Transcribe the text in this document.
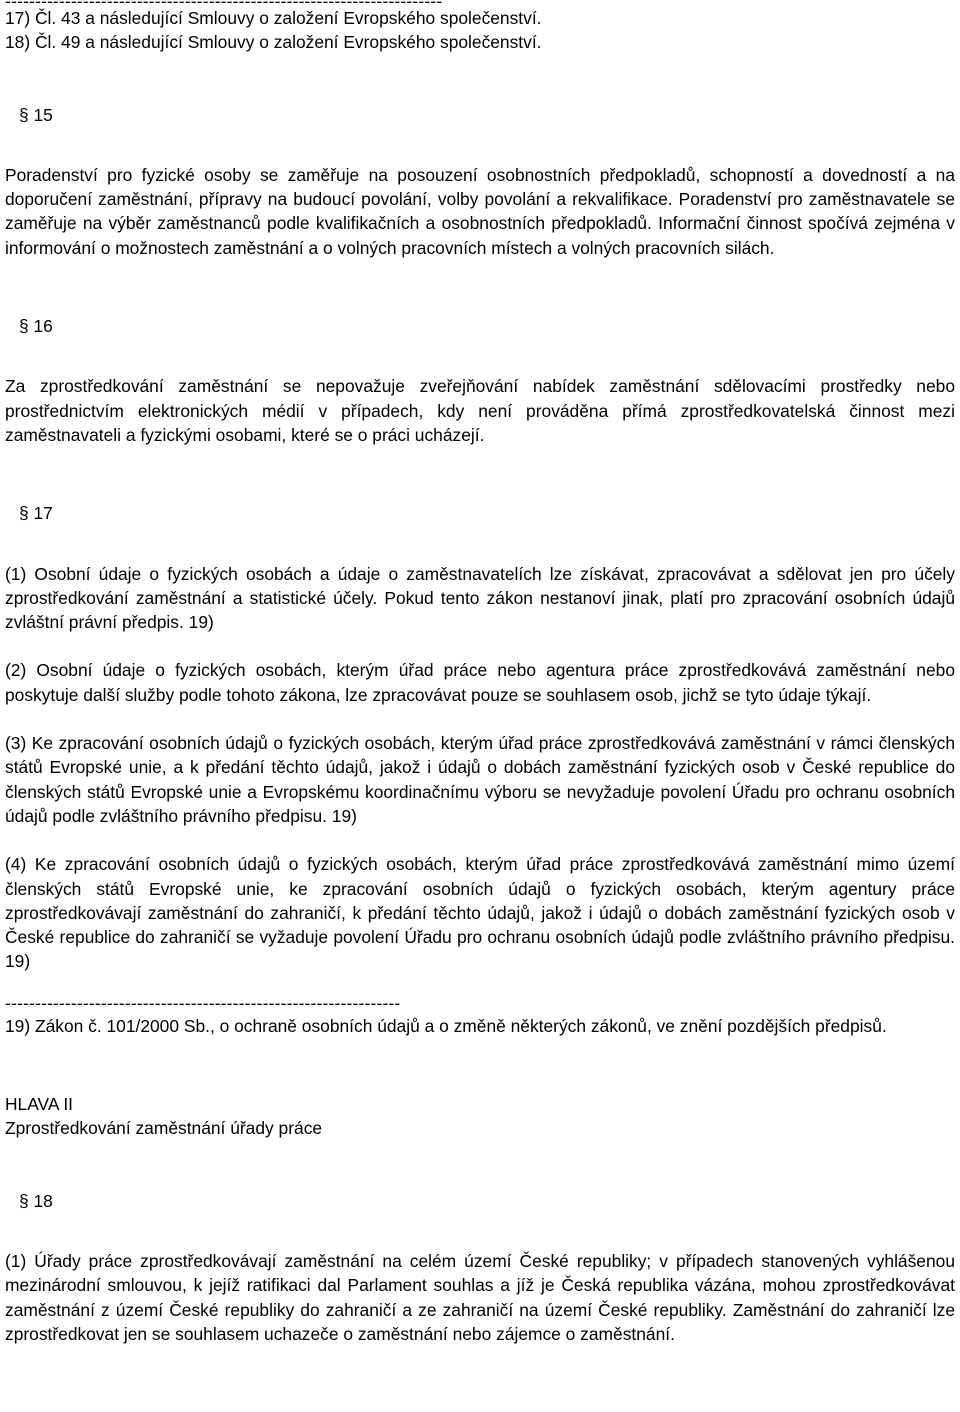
17) Čl. 43 a následující Smlouvy o založení Evropského společenství.
18) Čl. 49 a následující Smlouvy o založení Evropského společenství.
§ 15

Poradenství pro fyzické osoby se zaměřuje na posouzení osobnostních předpokladů, schopností a dovedností a na doporučení zaměstnání, přípravy na budoucí povolání, volby povolání a rekvalifikace. Poradenství pro zaměstnavatele se zaměřuje na výběr zaměstnanců podle kvalifikačních a osobnostních předpokladů. Informační činnost spočívá zejména v informování o možnostech zaměstnání a o volných pracovních místech a volných pracovních silách.

§ 16

Za zprostředkování zaměstnání se nepovažuje zveřejňování nabídek zaměstnání sdělovacími prostředky nebo prostřednictvím elektronických médií v případech, kdy není prováděna přímá zprostředkovatelská činnost mezi zaměstnavateli a fyzickými osobami, které se o práci ucházejí.

§ 17

(1) Osobní údaje o fyzických osobách a údaje o zaměstnavatelích lze získávat, zpracovávat a sdělovat jen pro účely zprostředkování zaměstnání a statistické účely. Pokud tento zákon nestanoví jinak, platí pro zpracování osobních údajů zvláštní právní předpis. 19)

(2) Osobní údaje o fyzických osobách, kterým úřad práce nebo agentura práce zprostředkovává zaměstnání nebo poskytuje další služby podle tohoto zákona, lze zpracovávat pouze se souhlasem osob, jichž se tyto údaje týkají.

(3) Ke zpracování osobních údajů o fyzických osobách, kterým úřad práce zprostředkovává zaměstnání v rámci členských států Evropské unie, a k předání těchto údajů, jakož i údajů o dobách zaměstnání fyzických osob v České republice do členských států Evropské unie a Evropskému koordinačnímu výboru se nevyžaduje povolení Úřadu pro ochranu osobních údajů podle zvláštního právního předpisu. 19)

(4) Ke zpracování osobních údajů o fyzických osobách, kterým úřad práce zprostředkovává zaměstnání mimo území členských států Evropské unie, ke zpracování osobních údajů o fyzických osobách, kterým agentury práce zprostředkovávají zaměstnání do zahraničí, k předání těchto údajů, jakož i údajů o dobách zaměstnání fyzických osob v České republice do zahraničí se vyžaduje povolení Úřadu pro ochranu osobních údajů podle zvláštního právního předpisu. 19)

------------------------------------------------------------------

19) Zákon č. 101/2000 Sb., o ochraně osobních údajů a o změně některých zákonů, ve znění pozdějších předpisů.

HLAVA II
Zprostředkování zaměstnání úřady práce
§ 18

(1) Úřady práce zprostředkovávají zaměstnání na celém území České republiky; v případech stanovených vyhlášenou mezinárodní smlouvou, k jejíž ratifikaci dal Parlament souhlas a jíž je Česká republika vázána, mohou zprostředkovávat zaměstnání z území České republiky do zahraničí a ze zahraničí na území České republiky. Zaměstnání do zahraničí lze zprostředkovat jen se souhlasem uchazeče o zaměstnání nebo zájemce o zaměstnání.
